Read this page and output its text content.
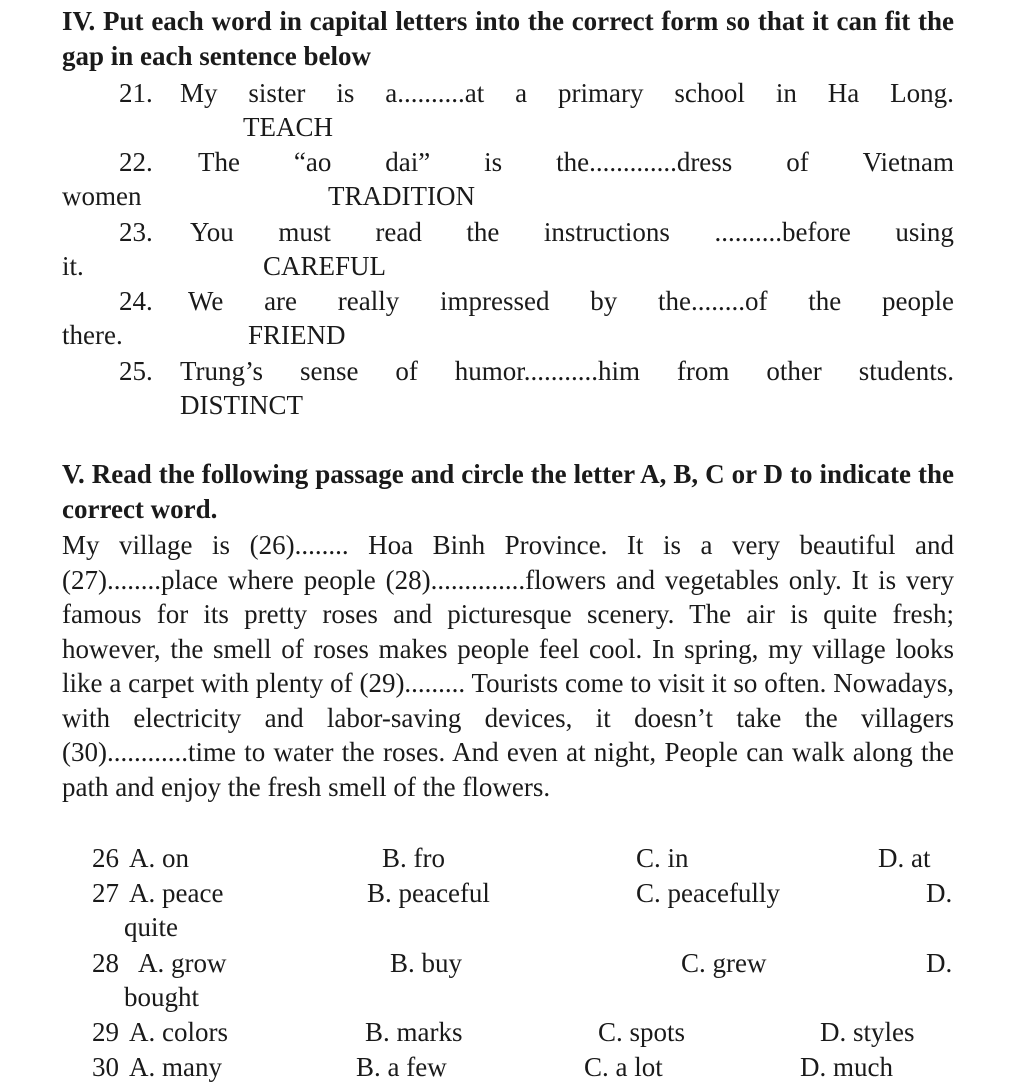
IV. Put each word in capital letters into the correct form so that it can fit the gap in each sentence below
21. My sister is a..........at a primary school in Ha Long.
TEACH
22. The “ao dai” is the.............dress of Vietnam
women	TRADITION
23. You must read the instructions ..........before using
it.	CAREFUL
24. We are really impressed by the........of the people
there.	FRIEND
25. Trung’s sense of humor...........him from other students.
DISTINCT
V. Read the following passage and circle the letter A, B, C or D to indicate the correct word.

My village is (26)........ Hoa Binh Province. It is a very beautiful and (27)........place where people (28)..............flowers and vegetables only. It is very famous for its pretty roses and picturesque scenery. The air is quite fresh; however, the smell of roses makes people feel cool. In spring, my village looks like a carpet with plenty of (29)......... Tourists come to visit it so often. Nowadays, with electricity and labor-saving devices, it doesn’t take the villagers (30)............time to water the roses. And even at night, People can walk along the path and enjoy the fresh smell of the flowers.

26 A. on	B. fro	C. in	D. at
27 A. peace	B. peaceful	C. peacefully	D.
quite
28 A. grow	B. buy	C. grew	D.
bought
29 A. colors	B. marks	C. spots	D. styles
30 A. many	B. a few	C. a lot	D. much
